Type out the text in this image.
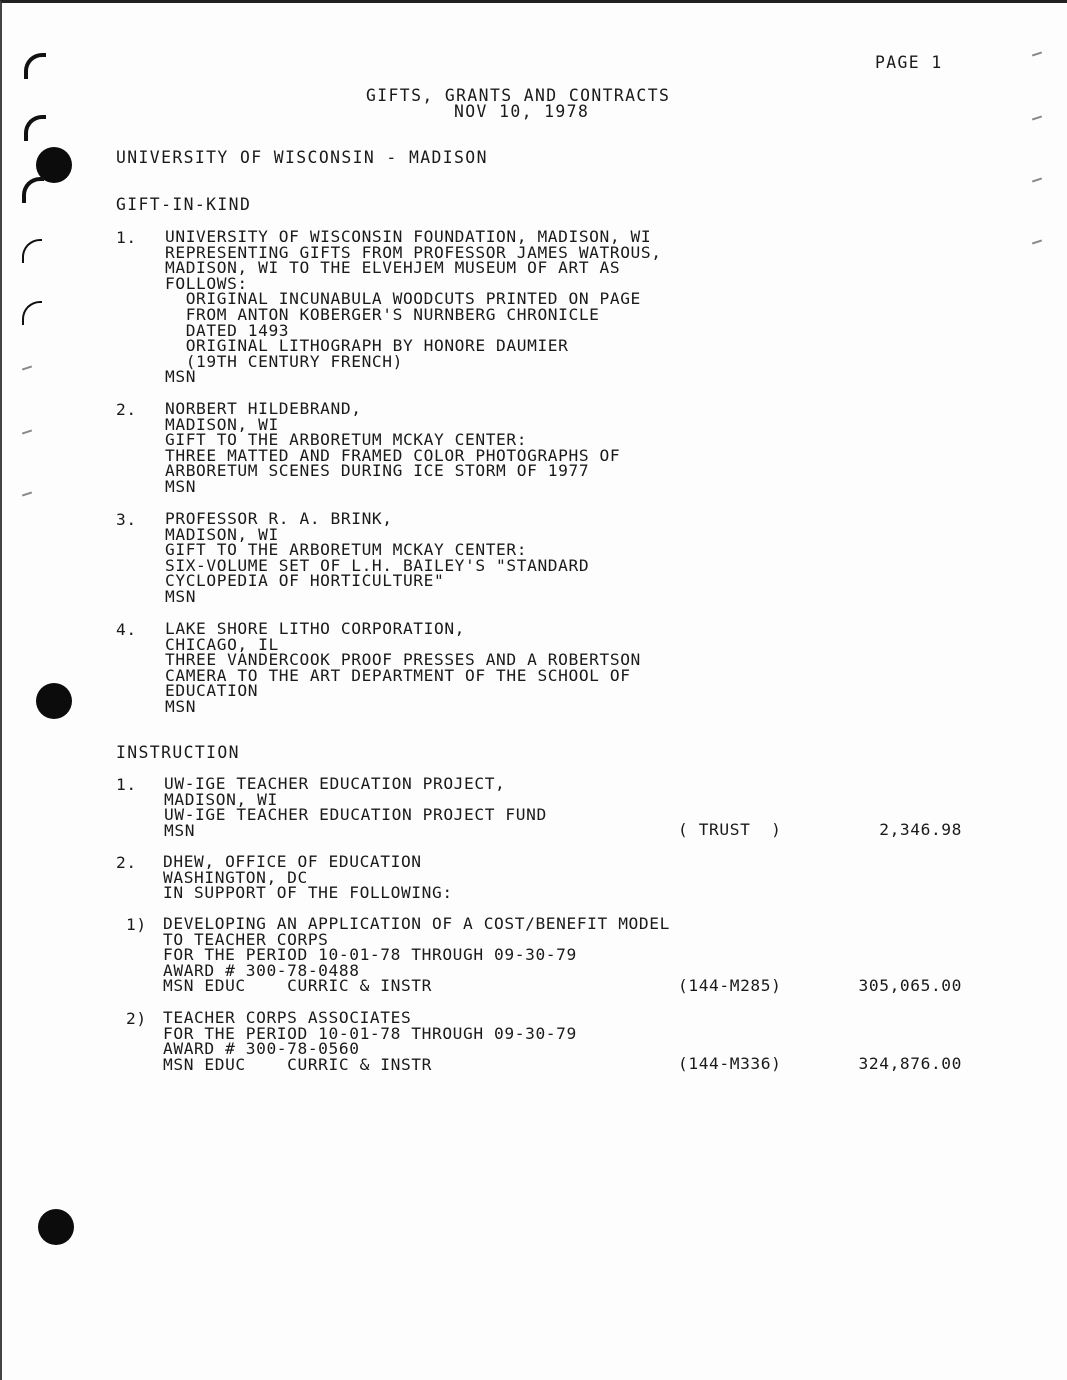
PAGE 1
GIFTS, GRANTS AND CONTRACTS
NOV 10, 1978
UNIVERSITY OF WISCONSIN - MADISON
GIFT-IN-KIND
1. UNIVERSITY OF WISCONSIN FOUNDATION, MADISON, WI
REPRESENTING GIFTS FROM PROFESSOR JAMES WATROUS,
MADISON, WI TO THE ELVEHJEM MUSEUM OF ART AS
FOLLOWS:
ORIGINAL INCUNABULA WOODCUTS PRINTED ON PAGE
FROM ANTON KOBERGER'S NURNBERG CHRONICLE
DATED 1493
ORIGINAL LITHOGRAPH BY HONORE DAUMIER
(19TH CENTURY FRENCH)
MSN
2. NORBERT HILDEBRAND,
MADISON, WI
GIFT TO THE ARBORETUM MCKAY CENTER:
THREE MATTED AND FRAMED COLOR PHOTOGRAPHS OF
ARBORETUM SCENES DURING ICE STORM OF 1977
MSN
3. PROFESSOR R. A. BRINK,
MADISON, WI
GIFT TO THE ARBORETUM MCKAY CENTER:
SIX-VOLUME SET OF L.H. BAILEY'S "STANDARD
CYCLOPEDIA OF HORTICULTURE"
MSN
4. LAKE SHORE LITHO CORPORATION,
CHICAGO, IL
THREE VANDERCOOK PROOF PRESSES AND A ROBERTSON
CAMERA TO THE ART DEPARTMENT OF THE SCHOOL OF
EDUCATION
MSN
INSTRUCTION
1. UW-IGE TEACHER EDUCATION PROJECT,
MADISON, WI
UW-IGE TEACHER EDUCATION PROJECT FUND
MSN	( TRUST  )	2,346.98
2. DHEW, OFFICE OF EDUCATION
WASHINGTON, DC
IN SUPPORT OF THE FOLLOWING:
1) DEVELOPING AN APPLICATION OF A COST/BENEFIT MODEL
TO TEACHER CORPS
FOR THE PERIOD 10-01-78 THROUGH 09-30-79
AWARD # 300-78-0488
MSN EDUC    CURRIC & INSTR	(144-M285)	305,065.00
2) TEACHER CORPS ASSOCIATES
FOR THE PERIOD 10-01-78 THROUGH 09-30-79
AWARD # 300-78-0560
MSN EDUC    CURRIC & INSTR	(144-M336)	324,876.00
